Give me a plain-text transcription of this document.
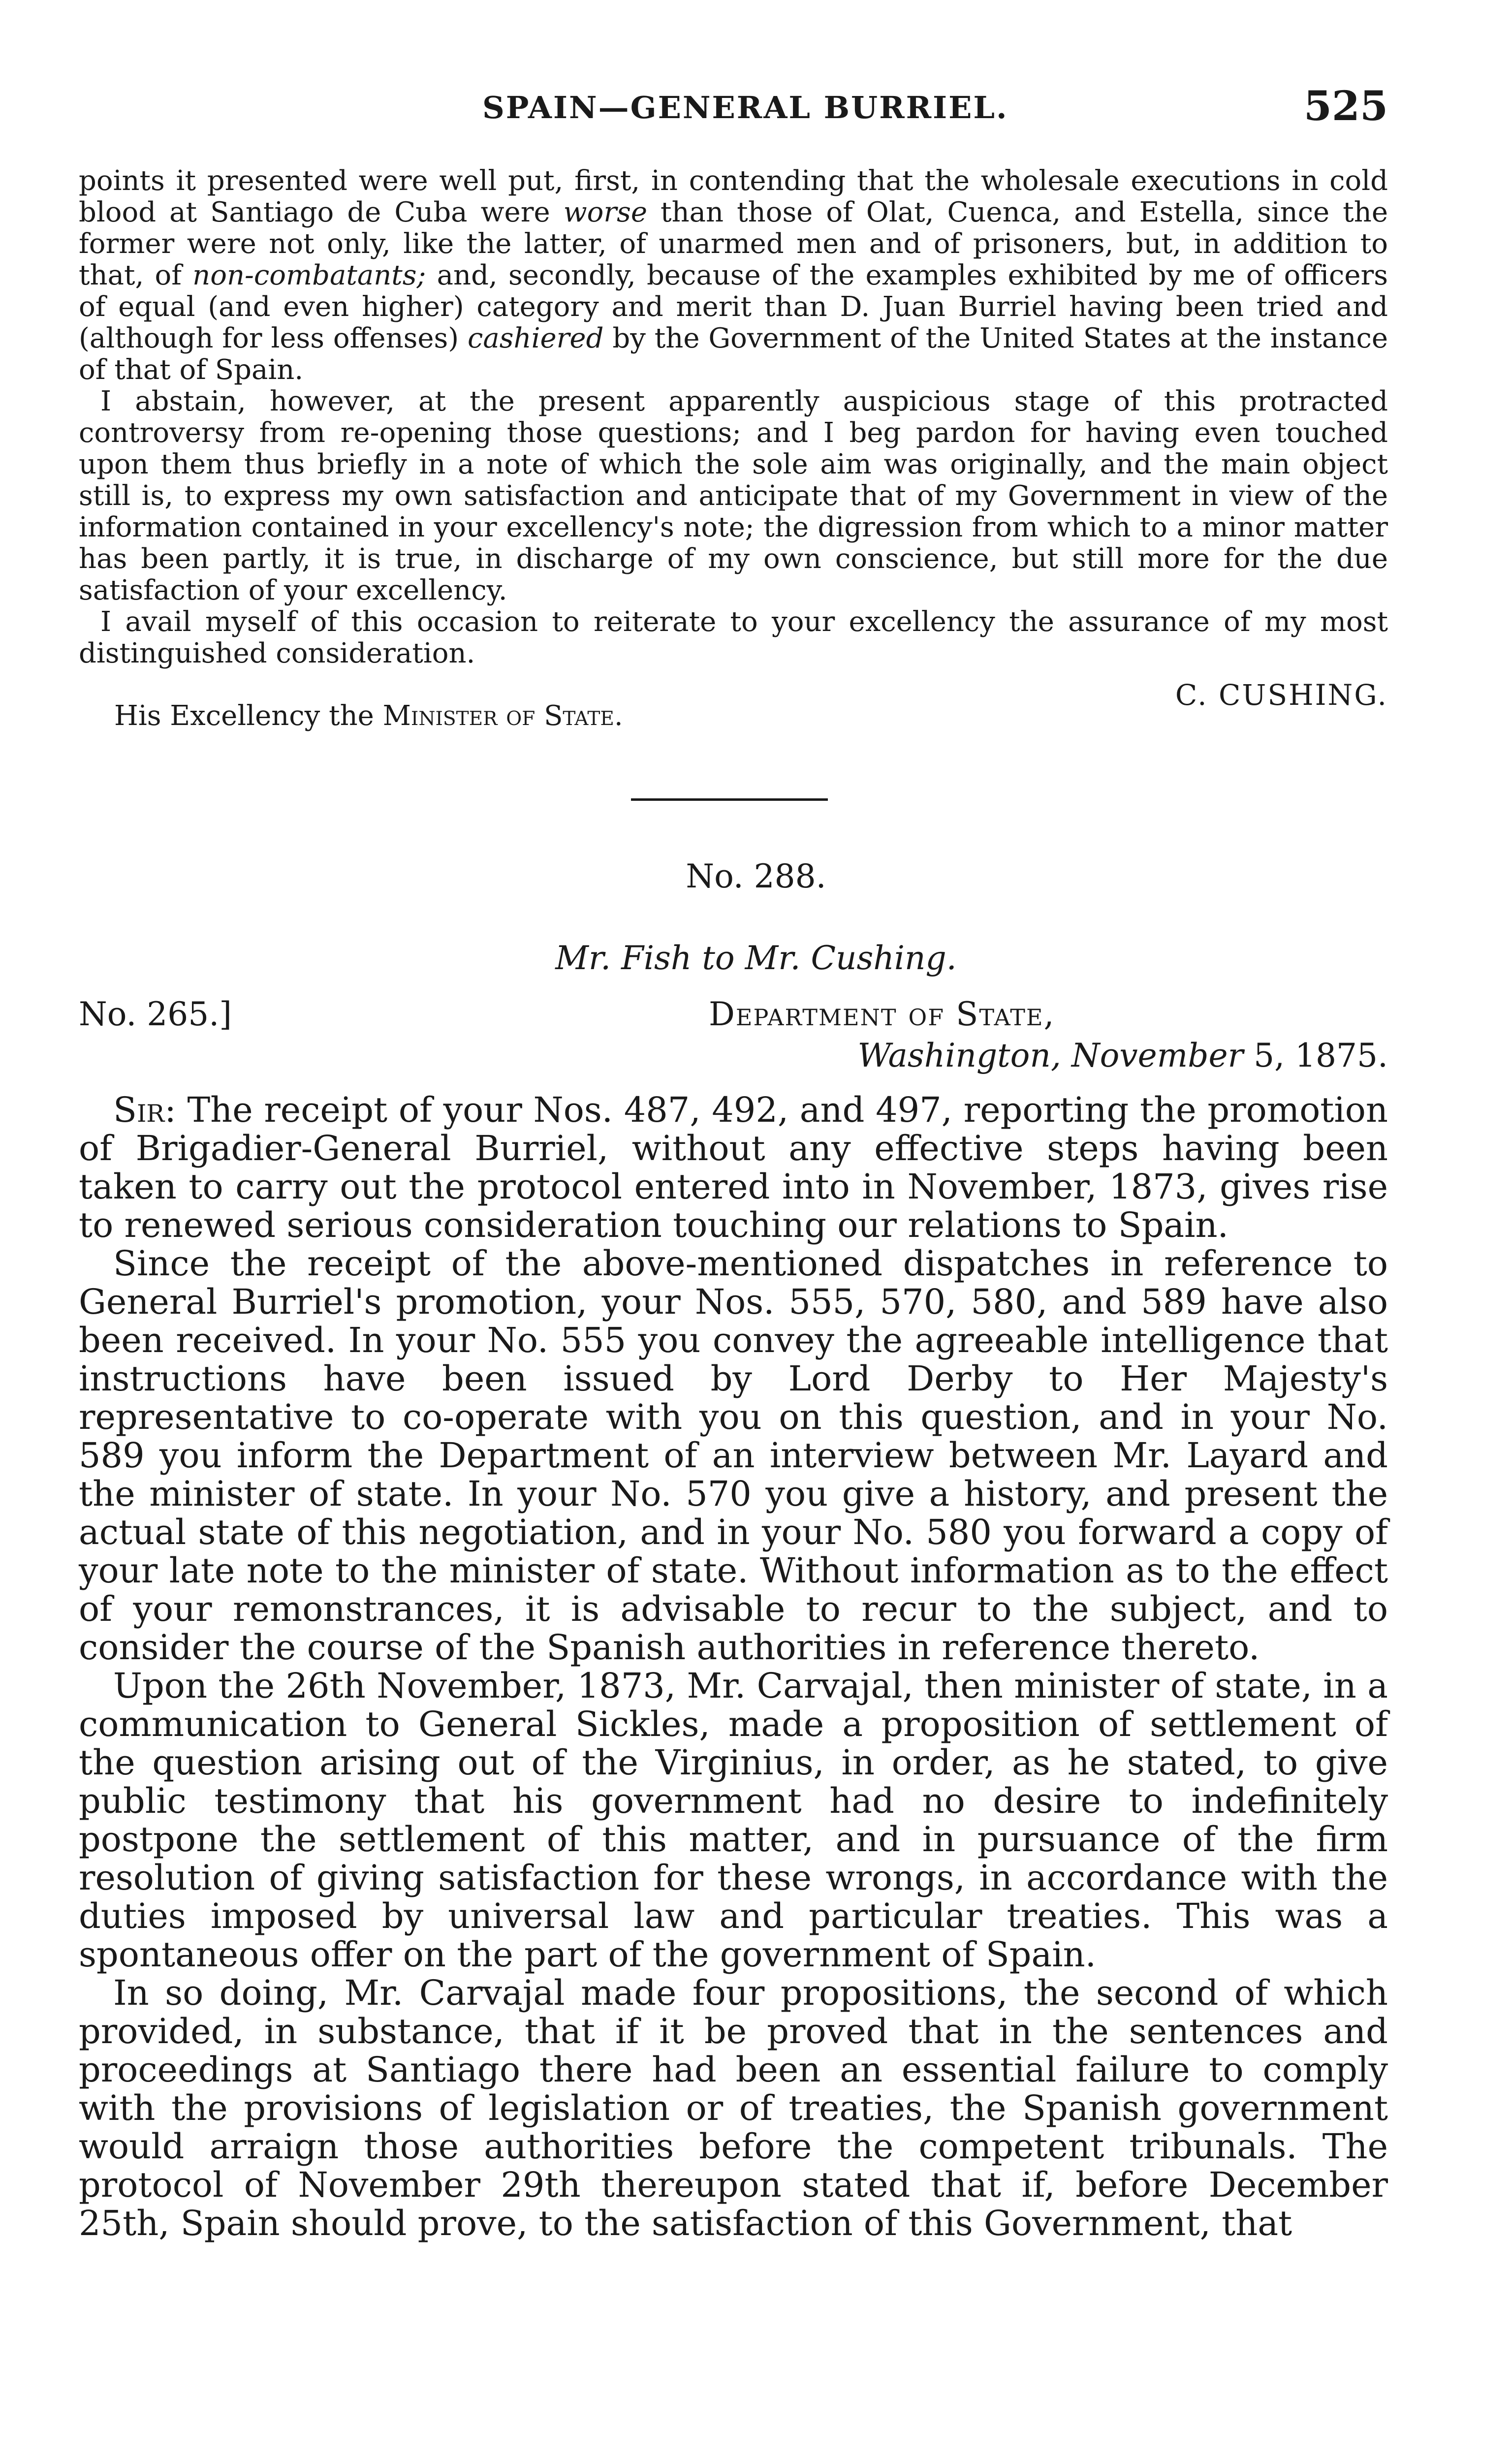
SPAIN—GENERAL BURRIEL.	525

points it presented were well put, first, in contending that the wholesale executions in cold blood at Santiago de Cuba were worse than those of Olat, Cuenca, and Estella, since the former were not only, like the latter, of unarmed men and of prisoners, but, in addition to that, of non-combatants; and, secondly, because of the examples exhibited by me of officers of equal (and even higher) category and merit than D. Juan Burriel having been tried and (although for less offenses) cashiered by the Government of the United States at the instance of that of Spain.

I abstain, however, at the present apparently auspicious stage of this protracted controversy from re-opening those questions; and I beg pardon for having even touched upon them thus briefly in a note of which the sole aim was originally, and the main object still is, to express my own satisfaction and anticipate that of my Government in view of the information contained in your excellency's note; the digression from which to a minor matter has been partly, it is true, in discharge of my own conscience, but still more for the due satisfaction of your excellency.

I avail myself of this occasion to reiterate to your excellency the assurance of my most distinguished consideration.

C. CUSHING.
His Excellency the Minister of State.
No. 288.
Mr. Fish to Mr. Cushing.
No. 265.]	Department of State,
Washington, November 5, 1875.

Sir: The receipt of your Nos. 487, 492, and 497, reporting the promotion of Brigadier-General Burriel, without any effective steps having been taken to carry out the protocol entered into in November, 1873, gives rise to renewed serious consideration touching our relations to Spain.

Since the receipt of the above-mentioned dispatches in reference to General Burriel's promotion, your Nos. 555, 570, 580, and 589 have also been received. In your No. 555 you convey the agreeable intelligence that instructions have been issued by Lord Derby to Her Majesty's representative to co-operate with you on this question, and in your No. 589 you inform the Department of an interview between Mr. Layard and the minister of state. In your No. 570 you give a history, and present the actual state of this negotiation, and in your No. 580 you forward a copy of your late note to the minister of state. Without information as to the effect of your remonstrances, it is advisable to recur to the subject, and to consider the course of the Spanish authorities in reference thereto.

Upon the 26th November, 1873, Mr. Carvajal, then minister of state, in a communication to General Sickles, made a proposition of settlement of the question arising out of the Virginius, in order, as he stated, to give public testimony that his government had no desire to indefinitely postpone the settlement of this matter, and in pursuance of the firm resolution of giving satisfaction for these wrongs, in accordance with the duties imposed by universal law and particular treaties. This was a spontaneous offer on the part of the government of Spain.

In so doing, Mr. Carvajal made four propositions, the second of which provided, in substance, that if it be proved that in the sentences and proceedings at Santiago there had been an essential failure to comply with the provisions of legislation or of treaties, the Spanish government would arraign those authorities before the competent tribunals. The protocol of November 29th thereupon stated that if, before December 25th, Spain should prove, to the satisfaction of this Government, that
